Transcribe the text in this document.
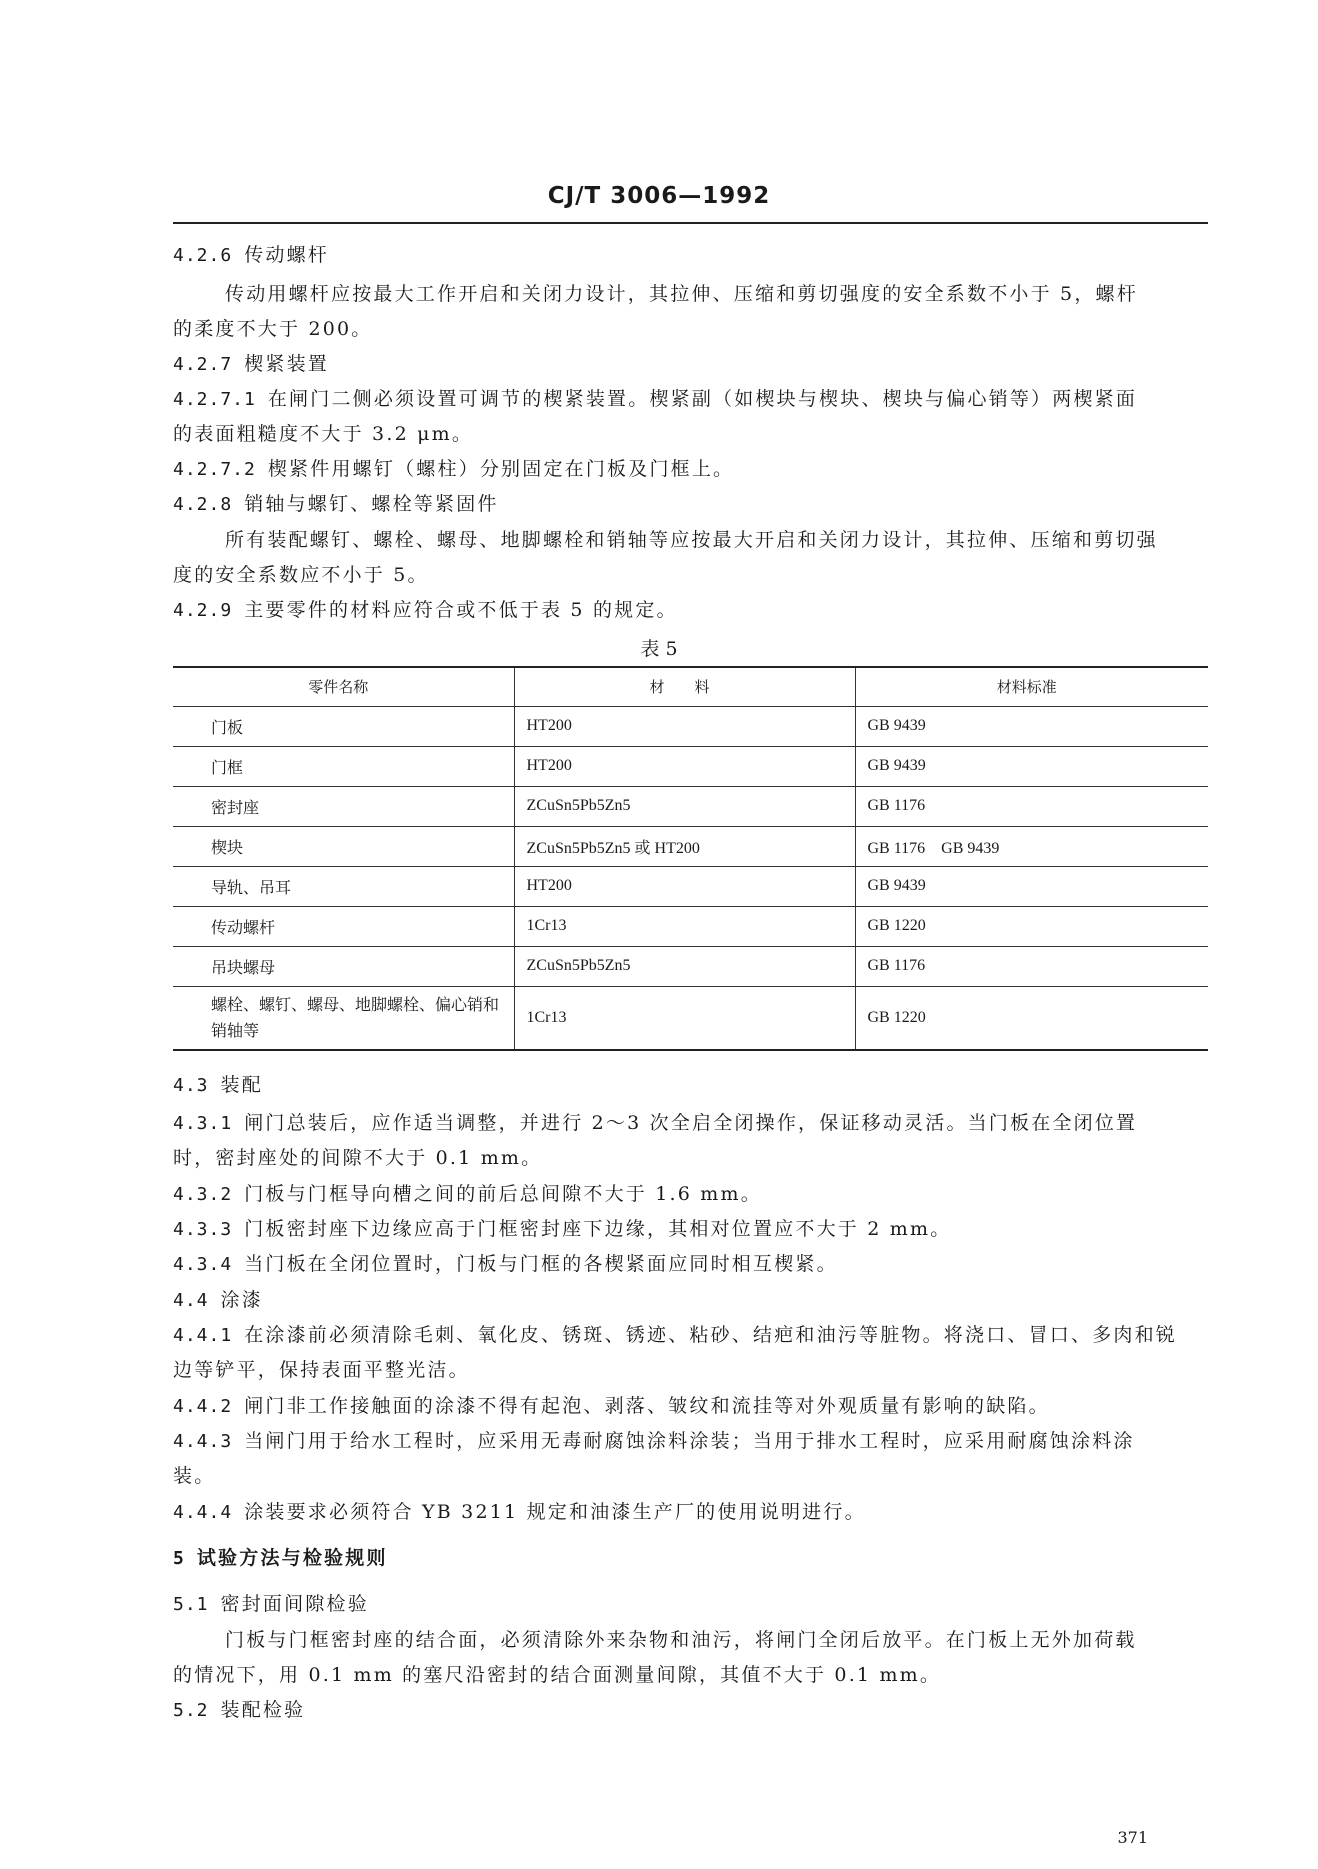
CJ/T 3006—1992
4.2.6 传动螺杆
传动用螺杆应按最大工作开启和关闭力设计，其拉伸、压缩和剪切强度的安全系数不小于 5，螺杆
的柔度不大于 200。
4.2.7 楔紧装置
4.2.7.1 在闸门二侧必须设置可调节的楔紧装置。楔紧副（如楔块与楔块、楔块与偏心销等）两楔紧面
的表面粗糙度不大于 3.2 μm。
4.2.7.2 楔紧件用螺钉（螺柱）分别固定在门板及门框上。
4.2.8 销轴与螺钉、螺栓等紧固件
所有装配螺钉、螺栓、螺母、地脚螺栓和销轴等应按最大开启和关闭力设计，其拉伸、压缩和剪切强
度的安全系数应不小于 5。
4.2.9 主要零件的材料应符合或不低于表 5 的规定。
表 5
零件名称	材　　料	材料标准
门板	HT200	GB 9439
门框	HT200	GB 9439
密封座	ZCuSn5Pb5Zn5	GB 1176
楔块	ZCuSn5Pb5Zn5 或 HT200	GB 1176　GB 9439
导轨、吊耳	HT200	GB 9439
传动螺杆	1Cr13	GB 1220
吊块螺母	ZCuSn5Pb5Zn5	GB 1176
螺栓、螺钉、螺母、地脚螺栓、偏心销和销轴等	1Cr13	GB 1220
4.3 装配
4.3.1 闸门总装后，应作适当调整，并进行 2～3 次全启全闭操作，保证移动灵活。当门板在全闭位置
时，密封座处的间隙不大于 0.1 mm。
4.3.2 门板与门框导向槽之间的前后总间隙不大于 1.6 mm。
4.3.3 门板密封座下边缘应高于门框密封座下边缘，其相对位置应不大于 2 mm。
4.3.4 当门板在全闭位置时，门板与门框的各楔紧面应同时相互楔紧。
4.4 涂漆
4.4.1 在涂漆前必须清除毛刺、氧化皮、锈斑、锈迹、粘砂、结疤和油污等脏物。将浇口、冒口、多肉和锐
边等铲平，保持表面平整光洁。
4.4.2 闸门非工作接触面的涂漆不得有起泡、剥落、皱纹和流挂等对外观质量有影响的缺陷。
4.4.3 当闸门用于给水工程时，应采用无毒耐腐蚀涂料涂装；当用于排水工程时，应采用耐腐蚀涂料涂
装。
4.4.4 涂装要求必须符合 YB 3211 规定和油漆生产厂的使用说明进行。
5 试验方法与检验规则
5.1 密封面间隙检验
门板与门框密封座的结合面，必须清除外来杂物和油污，将闸门全闭后放平。在门板上无外加荷载
的情况下，用 0.1 mm 的塞尺沿密封的结合面测量间隙，其值不大于 0.1 mm。
5.2 装配检验
371
